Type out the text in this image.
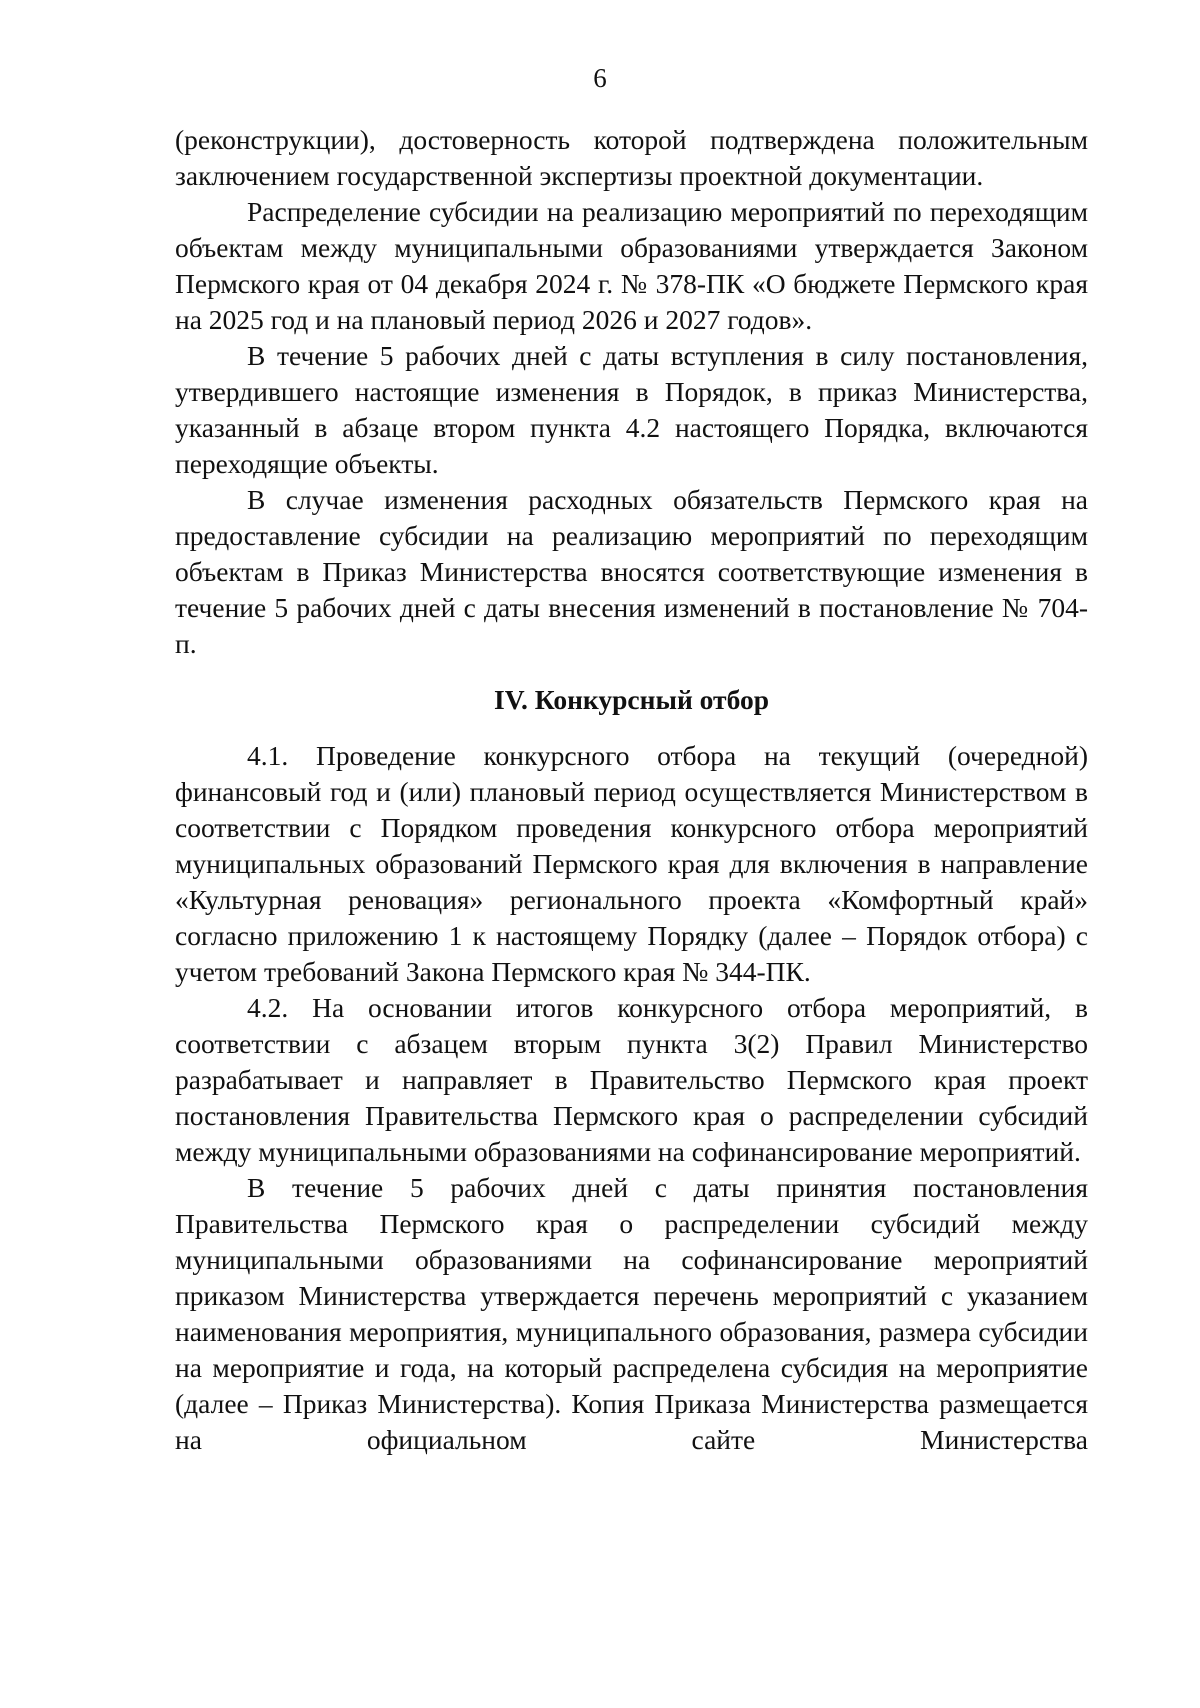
6

(реконструкции), достоверность которой подтверждена положительным заключением государственной экспертизы проектной документации.

Распределение субсидии на реализацию мероприятий по переходящим объектам между муниципальными образованиями утверждается Законом Пермского края от 04 декабря 2024 г. № 378-ПК «О бюджете Пермского края на 2025 год и на плановый период 2026 и 2027 годов».

В течение 5 рабочих дней с даты вступления в силу постановления, утвердившего настоящие изменения в Порядок, в приказ Министерства, указанный в абзаце втором пункта 4.2 настоящего Порядка, включаются переходящие объекты.

В случае изменения расходных обязательств Пермского края на предоставление субсидии на реализацию мероприятий по переходящим объектам в Приказ Министерства вносятся соответствующие изменения в течение 5 рабочих дней с даты внесения изменений в постановление № 704-п.

IV. Конкурсный отбор

4.1. Проведение конкурсного отбора на текущий (очередной) финансовый год и (или) плановый период осуществляется Министерством в соответствии с Порядком проведения конкурсного отбора мероприятий муниципальных образований Пермского края для включения в направление «Культурная реновация» регионального проекта «Комфортный край» согласно приложению 1 к настоящему Порядку (далее – Порядок отбора) с учетом требований Закона Пермского края № 344-ПК.

4.2. На основании итогов конкурсного отбора мероприятий, в соответствии с абзацем вторым пункта 3(2) Правил Министерство разрабатывает и направляет в Правительство Пермского края проект постановления Правительства Пермского края о распределении субсидий между муниципальными образованиями на софинансирование мероприятий.

В течение 5 рабочих дней с даты принятия постановления Правительства Пермского края о распределении субсидий между муниципальными образованиями на софинансирование мероприятий приказом Министерства утверждается перечень мероприятий с указанием наименования мероприятия, муниципального образования, размера субсидии на мероприятие и года, на который распределена субсидия на мероприятие (далее – Приказ Министерства). Копия Приказа Министерства размещается на официальном сайте Министерства
